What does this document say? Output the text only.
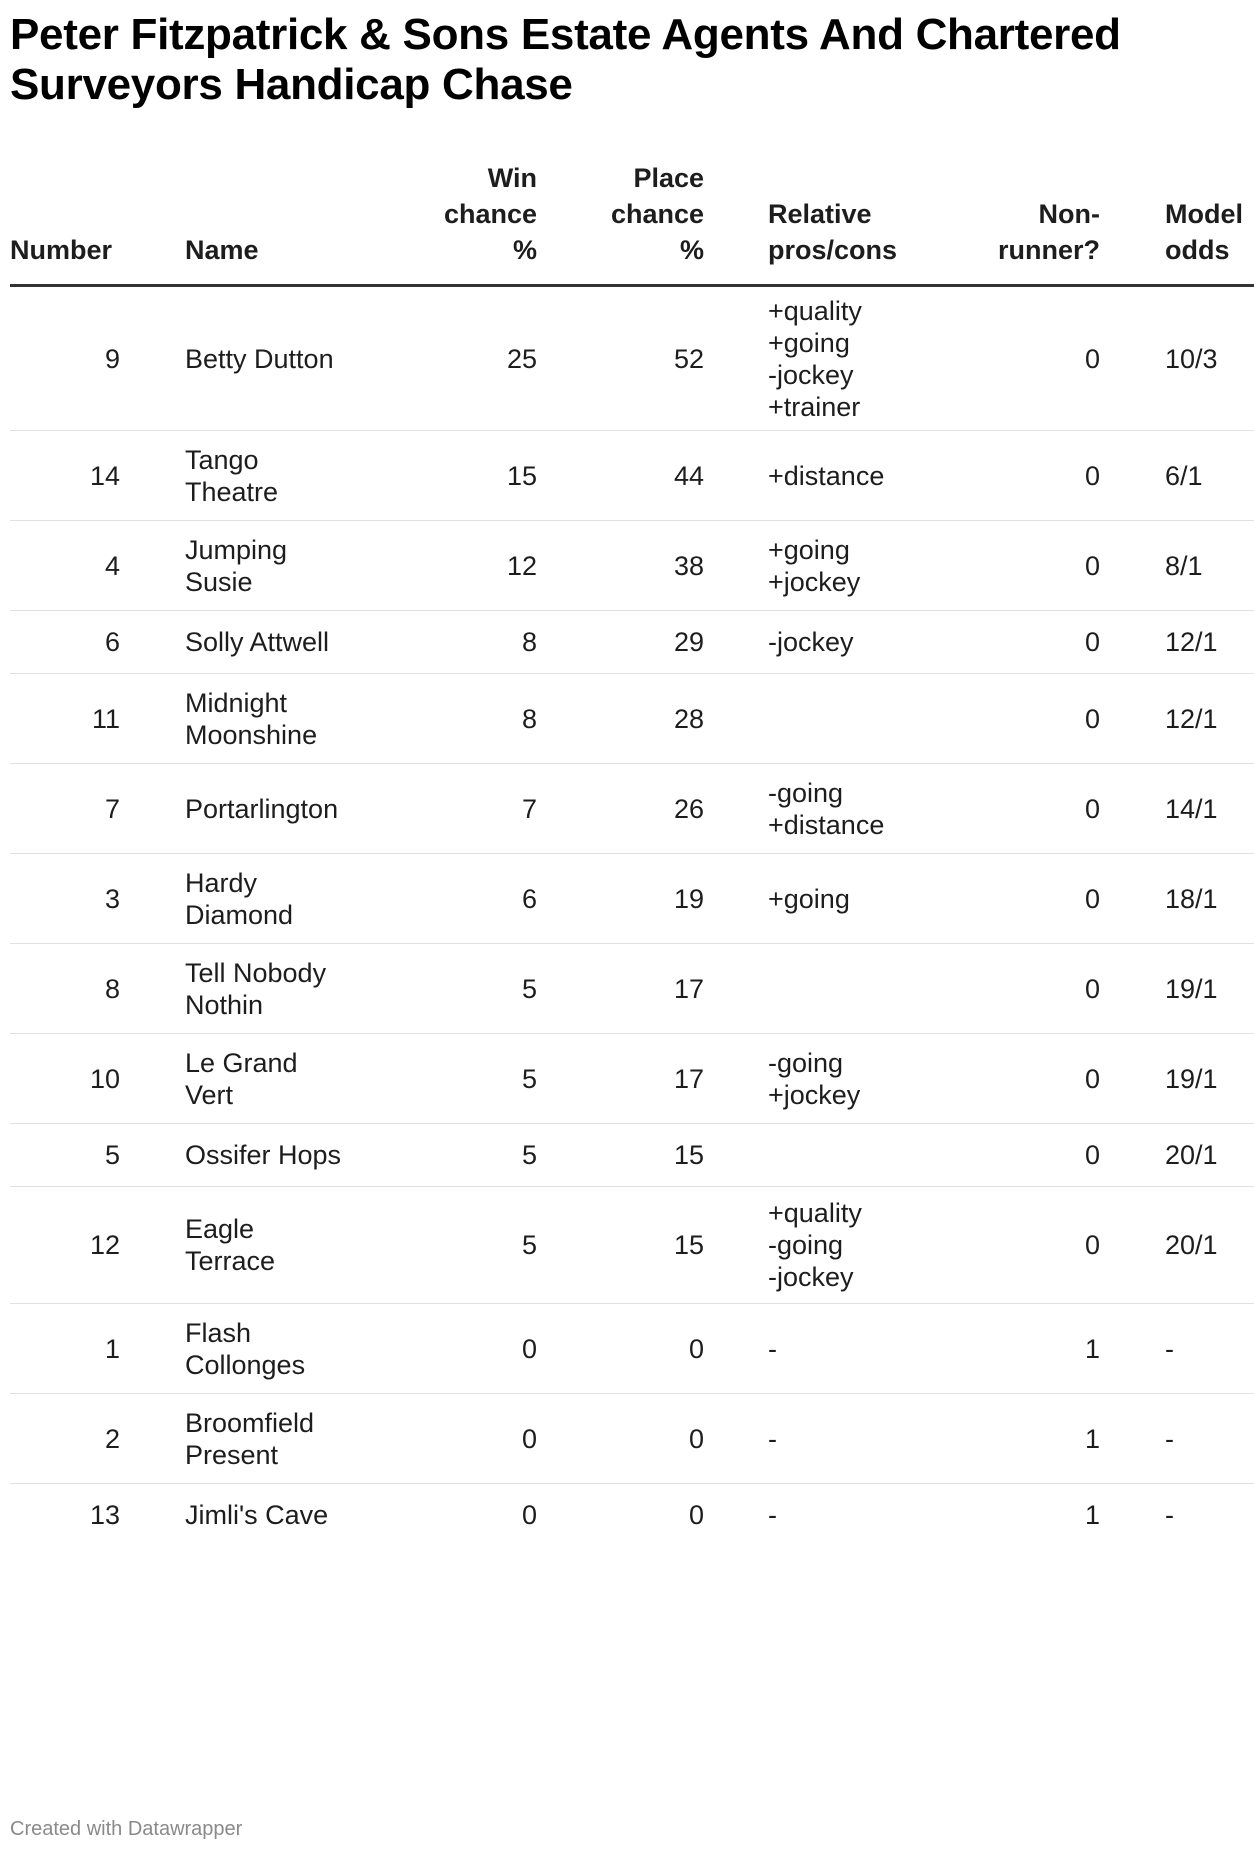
Peter Fitzpatrick & Sons Estate Agents And Chartered Surveyors Handicap Chase
Number		Name	Win
chance
%	Place
chance
%		Relative
pros/cons	Non-
runner?		Model
odds
9		Betty Dutton	25	52		+quality
+going
-jockey
+trainer	0		10/3
14		Tango
Theatre	15	44		+distance	0		6/1
4		Jumping
Susie	12	38		+going
+jockey	0		8/1
6		Solly Attwell	8	29		-jockey	0		12/1
11		Midnight
Moonshine	8	28			0		12/1
7		Portarlington	7	26		-going
+distance	0		14/1
3		Hardy
Diamond	6	19		+going	0		18/1
8		Tell Nobody
Nothin	5	17			0		19/1
10		Le Grand
Vert	5	17		-going
+jockey	0		19/1
5		Ossifer Hops	5	15			0		20/1
12		Eagle
Terrace	5	15		+quality
-going
-jockey	0		20/1
1		Flash
Collonges	0	0		-	1		-
2		Broomfield
Present	0	0		-	1		-
13		Jimli's Cave	0	0		-	1		-
Created with Datawrapper
